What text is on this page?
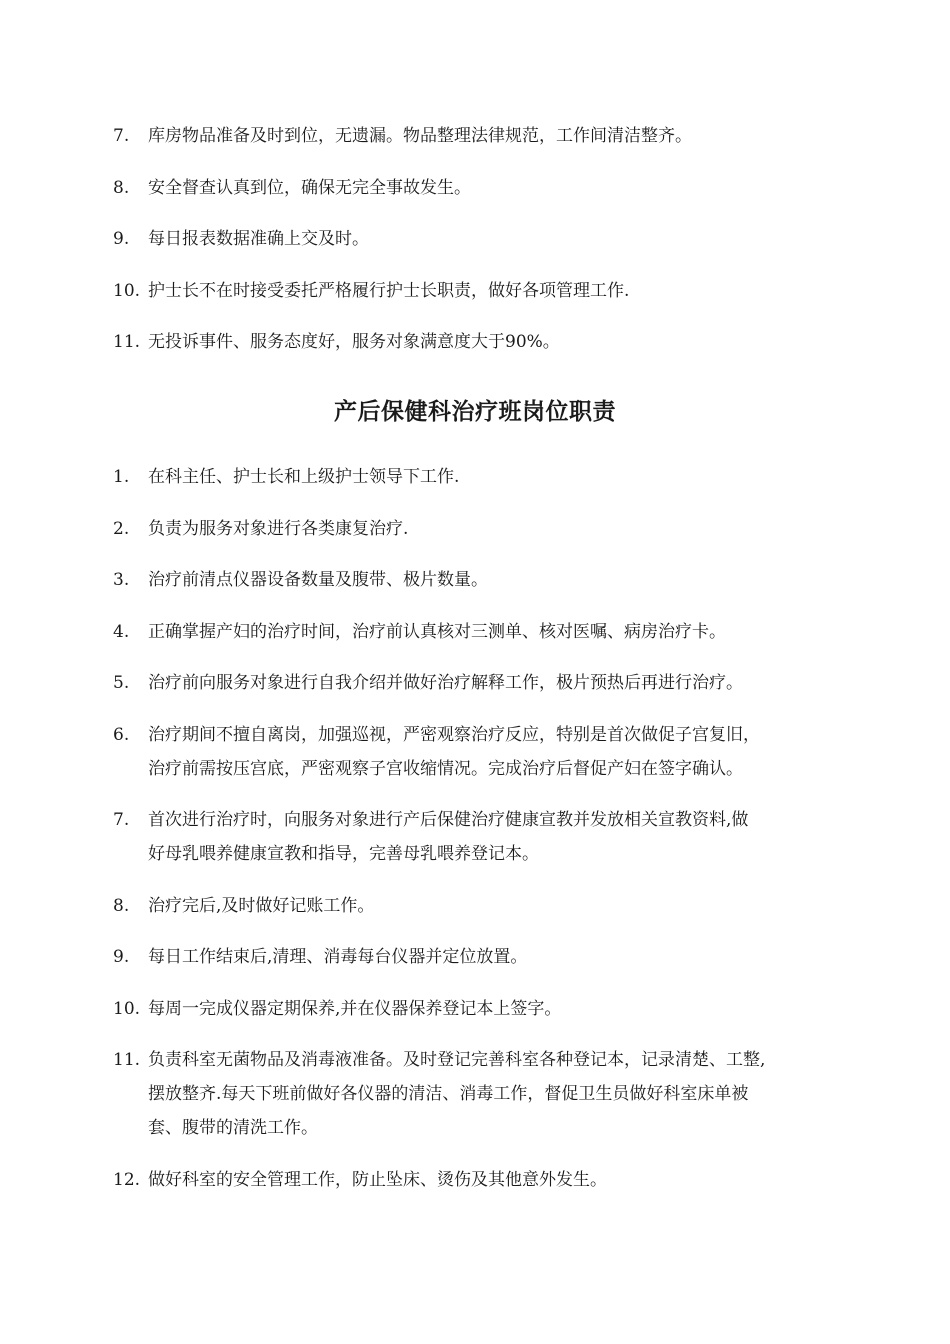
7. 库房物品准备及时到位，无遗漏。物品整理法律规范，工作间清洁整齐。
8. 安全督查认真到位，确保无完全事故发生。
9. 每日报表数据准确上交及时。
10. 护士长不在时接受委托严格履行护士长职责，做好各项管理工作.
11. 无投诉事件、服务态度好，服务对象满意度大于90%。
产后保健科治疗班岗位职责
1. 在科主任、护士长和上级护士领导下工作.
2. 负责为服务对象进行各类康复治疗.
3. 治疗前清点仪器设备数量及腹带、极片数量。
4. 正确掌握产妇的治疗时间，治疗前认真核对三测单、核对医嘱、病房治疗卡。
5. 治疗前向服务对象进行自我介绍并做好治疗解释工作，极片预热后再进行治疗。
6. 治疗期间不擅自离岗，加强巡视，严密观察治疗反应，特别是首次做促子宫复旧，
治疗前需按压宫底，严密观察子宫收缩情况。完成治疗后督促产妇在签字确认。
7. 首次进行治疗时，向服务对象进行产后保健治疗健康宣教并发放相关宣教资料,做
好母乳喂养健康宣教和指导，完善母乳喂养登记本。
8. 治疗完后,及时做好记账工作。
9. 每日工作结束后,清理、消毒每台仪器并定位放置。
10. 每周一完成仪器定期保养,并在仪器保养登记本上签字。
11. 负责科室无菌物品及消毒液准备。及时登记完善科室各种登记本，记录清楚、工整,
摆放整齐.每天下班前做好各仪器的清洁、消毒工作，督促卫生员做好科室床单被
套、腹带的清洗工作。
12. 做好科室的安全管理工作，防止坠床、烫伤及其他意外发生。
